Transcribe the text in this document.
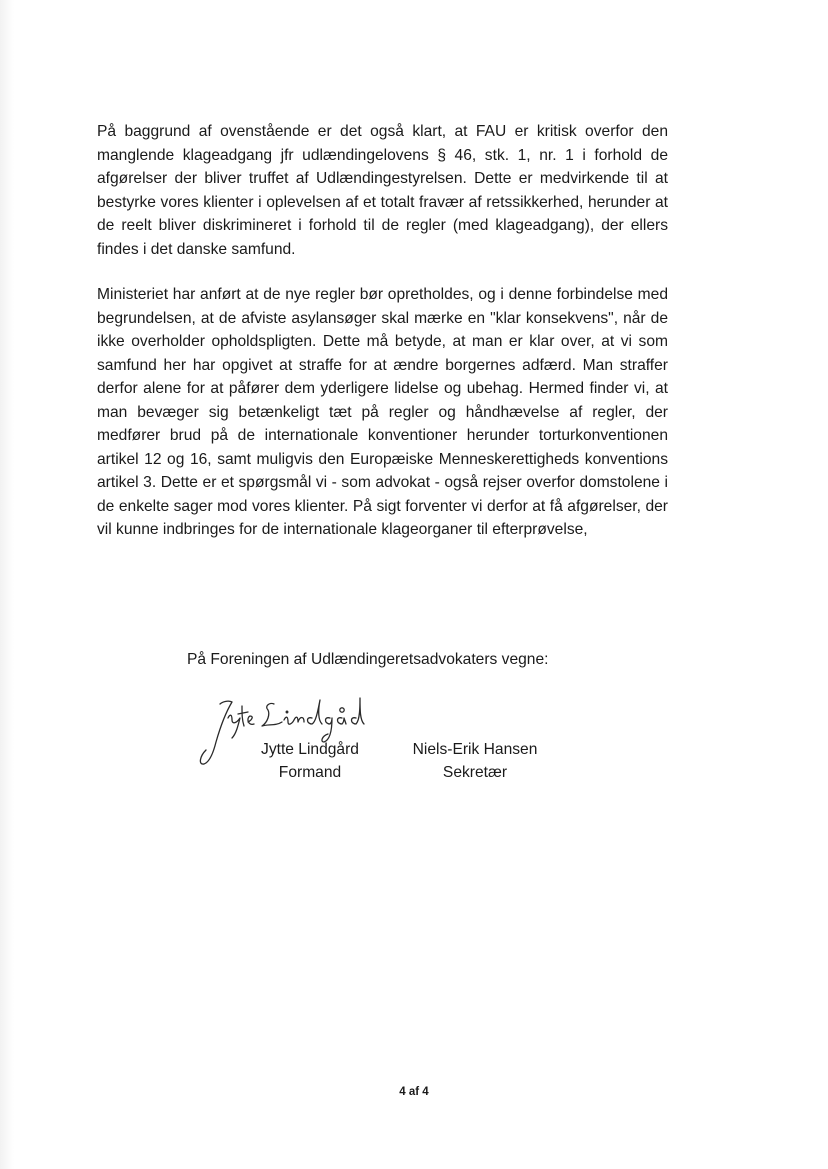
På baggrund af ovenstående er det også klart, at FAU er kritisk overfor den manglende klageadgang jfr udlændingelovens § 46, stk. 1, nr. 1 i forhold de afgørelser der bliver truffet af Udlændingestyrelsen. Dette er medvirkende til at bestyrke vores klienter i oplevelsen af et totalt fravær af retssikkerhed, herunder at de reelt bliver diskrimineret i forhold til de regler (med klageadgang), der ellers findes i det danske samfund.

Ministeriet har anført at de nye regler bør opretholdes, og i denne forbindelse med begrundelsen, at de afviste asylansøger skal mærke en "klar konsekvens", når de ikke overholder opholdspligten. Dette må betyde, at man er klar over, at vi som samfund her har opgivet at straffe for at ændre borgernes adfærd. Man straffer derfor alene for at påfører dem yderligere lidelse og ubehag. Hermed finder vi, at man bevæger sig betænkeligt tæt på regler og håndhævelse af regler, der medfører brud på de internationale konventioner herunder torturkonventionen artikel 12 og 16, samt muligvis den Europæiske Menneskerettigheds konventions artikel 3. Dette er et spørgsmål vi - som advokat - også rejser overfor domstolene i de enkelte sager mod vores klienter. På sigt forventer vi derfor at få afgørelser, der vil kunne indbringes for de internationale klageorganer til efterprøvelse,

På Foreningen af Udlændingeretsadvokaters vegne:

Jytte Lindgård
Formand
Niels-Erik Hansen
Sekretær
4 af 4
